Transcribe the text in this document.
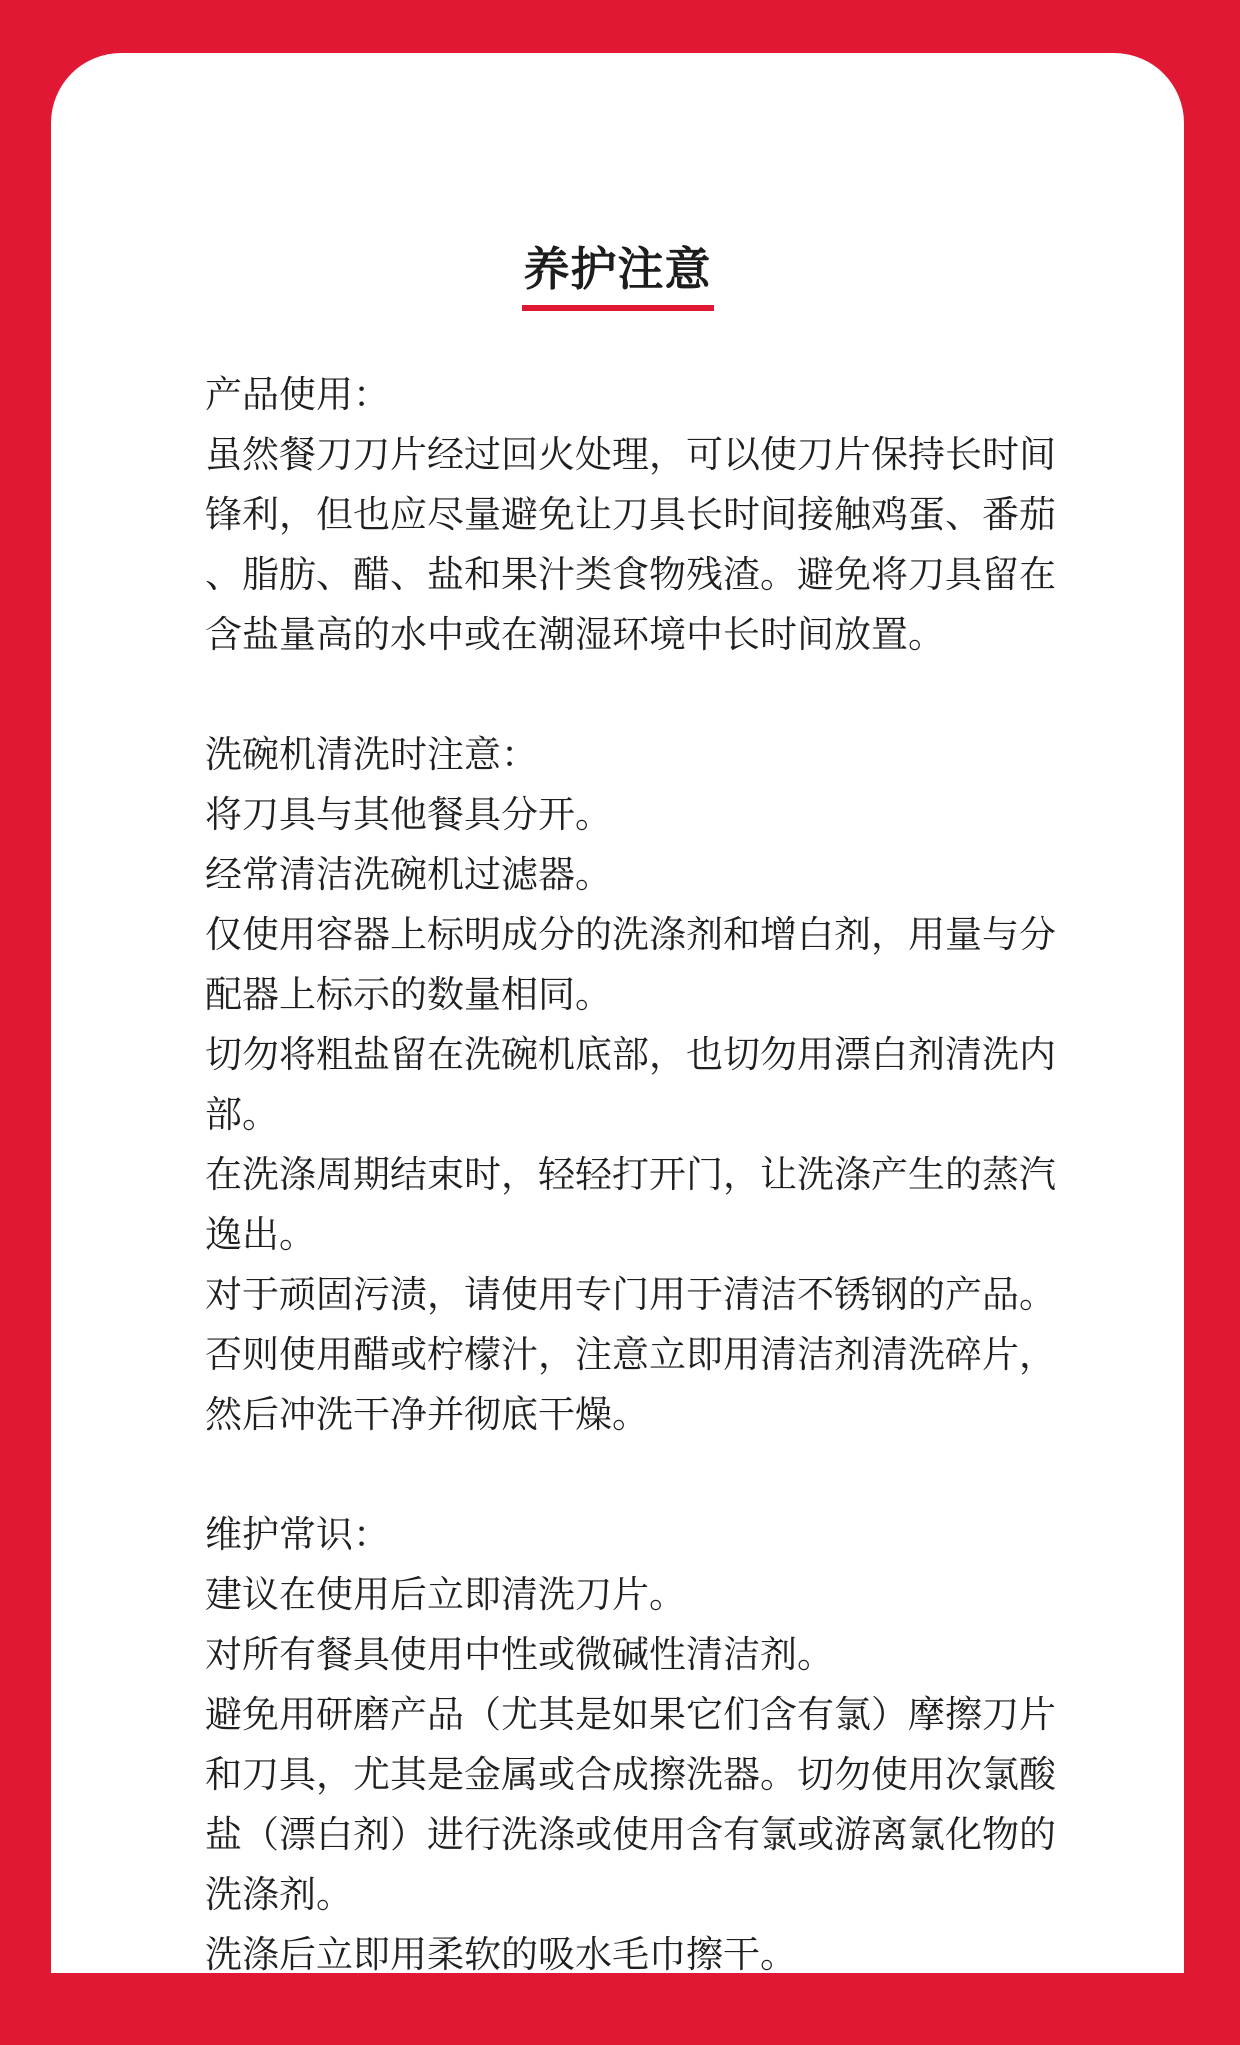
养护注意
产品使用：
虽然餐刀刀片经过回火处理，可以使刀片保持长时间
锋利，但也应尽量避免让刀具长时间接触鸡蛋、番茄
、脂肪、醋、盐和果汁类食物残渣。避免将刀具留在
含盐量高的水中或在潮湿环境中长时间放置。
洗碗机清洗时注意：
将刀具与其他餐具分开。
经常清洁洗碗机过滤器。
仅使用容器上标明成分的洗涤剂和增白剂，用量与分
配器上标示的数量相同。
切勿将粗盐留在洗碗机底部，也切勿用漂白剂清洗内
部。
在洗涤周期结束时，轻轻打开门，让洗涤产生的蒸汽
逸出。
对于顽固污渍，请使用专门用于清洁不锈钢的产品。
否则使用醋或柠檬汁，注意立即用清洁剂清洗碎片，
然后冲洗干净并彻底干燥。
维护常识：
建议在使用后立即清洗刀片。
对所有餐具使用中性或微碱性清洁剂。
避免用研磨产品（尤其是如果它们含有氯）摩擦刀片
和刀具，尤其是金属或合成擦洗器。切勿使用次氯酸
盐（漂白剂）进行洗涤或使用含有氯或游离氯化物的
洗涤剂。
洗涤后立即用柔软的吸水毛巾擦干。
